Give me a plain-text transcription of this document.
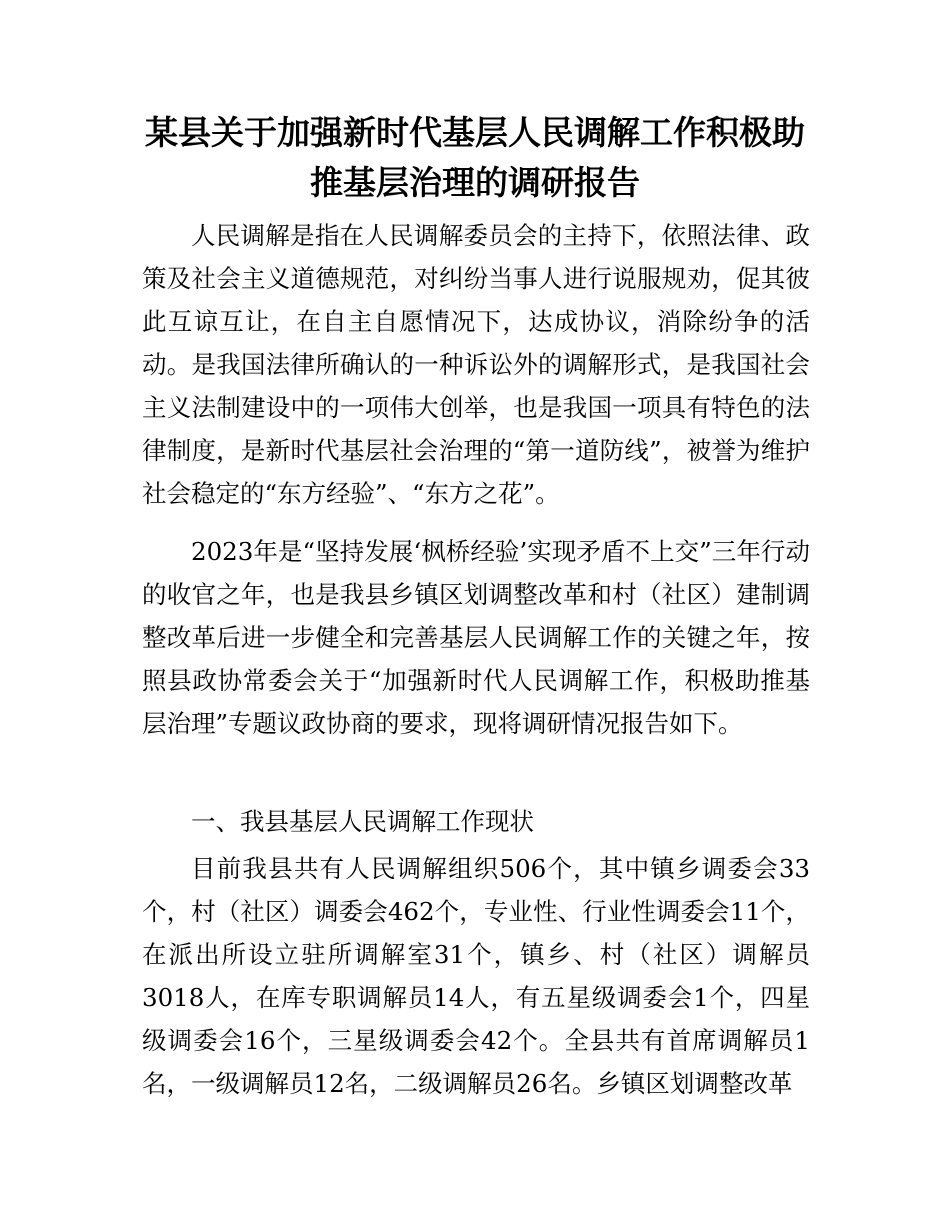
某县关于加强新时代基层人民调解工作积极助
推基层治理的调研报告

人民调解是指在人民调解委员会的主持下，依照法律、政策及社会主义道德规范，对纠纷当事人进行说服规劝，促其彼此互谅互让，在自主自愿情况下，达成协议，消除纷争的活动。是我国法律所确认的一种诉讼外的调解形式，是我国社会主义法制建设中的一项伟大创举，也是我国一项具有特色的法律制度，是新时代基层社会治理的“第一道防线”，被誉为维护社会稳定的“东方经验”、“东方之花”。

2023年是“坚持发展‘枫桥经验’实现矛盾不上交”三年行动的收官之年，也是我县乡镇区划调整改革和村（社区）建制调整改革后进一步健全和完善基层人民调解工作的关键之年，按照县政协常委会关于“加强新时代人民调解工作，积极助推基层治理”专题议政协商的要求，现将调研情况报告如下。

一、我县基层人民调解工作现状

目前我县共有人民调解组织506个，其中镇乡调委会33个，村（社区）调委会462个，专业性、行业性调委会11个，在派出所设立驻所调解室31个，镇乡、村（社区）调解员3018人，在库专职调解员14人，有五星级调委会1个，四星级调委会16个，三星级调委会42个。全县共有首席调解员1名，一级调解员12名，二级调解员26名。乡镇区划调整改革
